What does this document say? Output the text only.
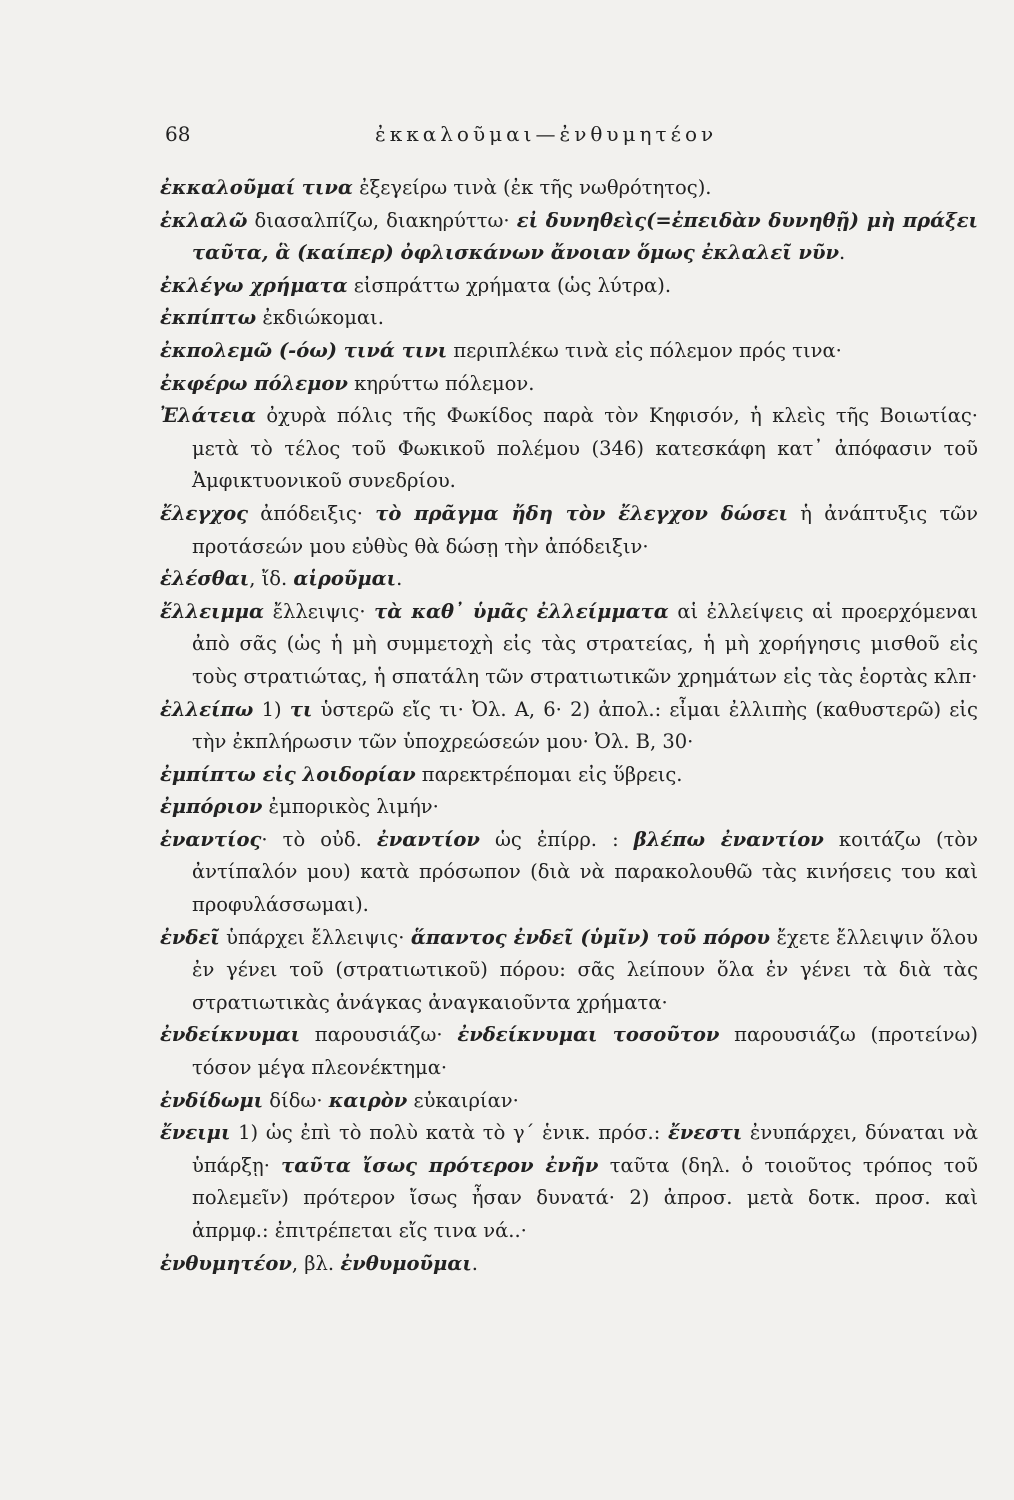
68	ἐκκαλοῦμαι—ἐνθυμητέον

ἐκκαλοῦμαί τινα ἐξεγείρω τινὰ (ἐκ τῆς νωθρότητος).

ἐκλαλῶ διασαλπίζω, διακηρύττω· εἰ δυνηθεὶς(=ἐπειδὰν δυνηθῇ) μὴ πράξει ταῦτα, ἃ (καίπερ) ὀφλισκάνων ἄνοιαν ὅμως ἐκλαλεῖ νῦν.

ἐκλέγω χρήματα εἰσπράττω χρήματα (ὡς λύτρα).

ἐκπίπτω ἐκδιώκομαι.

ἐκπολεμῶ (-όω) τινά τινι περιπλέκω τινὰ εἰς πόλεμον πρός τινα·

ἐκφέρω πόλεμον κηρύττω πόλεμον.

Ἐλάτεια ὀχυρὰ πόλις τῆς Φωκίδος παρὰ τὸν Κηφισόν, ἡ κλεὶς τῆς Βοιωτίας· μετὰ τὸ τέλος τοῦ Φωκικοῦ πολέμου (346) κατεσκάφη κατ᾽ ἀπόφασιν τοῦ Ἀμφικτυονικοῦ συνεδρίου.

ἔλεγχος ἀπόδειξις· τὸ πρᾶγμα ἤδη τὸν ἔλεγχον δώσει ἡ ἀνάπτυξις τῶν προτάσεών μου εὐθὺς θὰ δώσῃ τὴν ἀπόδειξιν·

ἑλέσθαι, ἴδ. αἱροῦμαι.

ἔλλειμμα ἔλλειψις· τὰ καθ᾽ ὑμᾶς ἐλλείμματα αἱ ἐλλείψεις αἱ προερχόμεναι ἀπὸ σᾶς (ὡς ἡ μὴ συμμετοχὴ εἰς τὰς στρατείας, ἡ μὴ χορήγησις μισθοῦ εἰς τοὺς στρατιώτας, ἡ σπατάλη τῶν στρατιωτικῶν χρημάτων εἰς τὰς ἑορτὰς κλπ·

ἐλλείπω 1) τι ὑστερῶ εἴς τι· Ὀλ. Α, 6· 2) ἀπολ.: εἶμαι ἐλλιπὴς (καθυστερῶ) εἰς τὴν ἐκπλήρωσιν τῶν ὑποχρεώσεών μου· Ὀλ. Β, 30·

ἐμπίπτω εἰς λοιδορίαν παρεκτρέπομαι εἰς ὕβρεις.

ἐμπόριον ἐμπορικὸς λιμήν·

ἐναντίος· τὸ οὐδ. ἐναντίον ὡς ἐπίρρ. : βλέπω ἐναντίον κοιτάζω (τὸν ἀντίπαλόν μου) κατὰ πρόσωπον (διὰ νὰ παρακολουθῶ τὰς κινήσεις του καὶ προφυλάσσωμαι).

ἐνδεῖ ὑπάρχει ἔλλειψις· ἅπαντος ἐνδεῖ (ὑμῖν) τοῦ πόρου ἔχετε ἔλλειψιν ὅλου ἐν γένει τοῦ (στρατιωτικοῦ) πόρου: σᾶς λείπουν ὅλα ἐν γένει τὰ διὰ τὰς στρατιωτικὰς ἀνάγκας ἀναγκαιοῦντα χρήματα·

ἐνδείκνυμαι παρουσιάζω· ἐνδείκνυμαι τοσοῦτον παρουσιάζω (προτείνω) τόσον μέγα πλεονέκτημα·

ἐνδίδωμι δίδω· καιρὸν εὐκαιρίαν·

ἔνειμι 1) ὡς ἐπὶ τὸ πολὺ κατὰ τὸ γ´ ἑνικ. πρόσ.: ἔνεστι ἐνυπάρχει, δύναται νὰ ὑπάρξῃ· ταῦτα ἴσως πρότερον ἐνῆν ταῦτα (δηλ. ὁ τοιοῦτος τρόπος τοῦ πολεμεῖν) πρότερον ἴσως ἦσαν δυνατά· 2) ἀπροσ. μετὰ δοτκ. προσ. καὶ ἀπρμφ.: ἐπιτρέπεται εἴς τινα νά..·

ἐνθυμητέον, βλ. ἐνθυμοῦμαι.
